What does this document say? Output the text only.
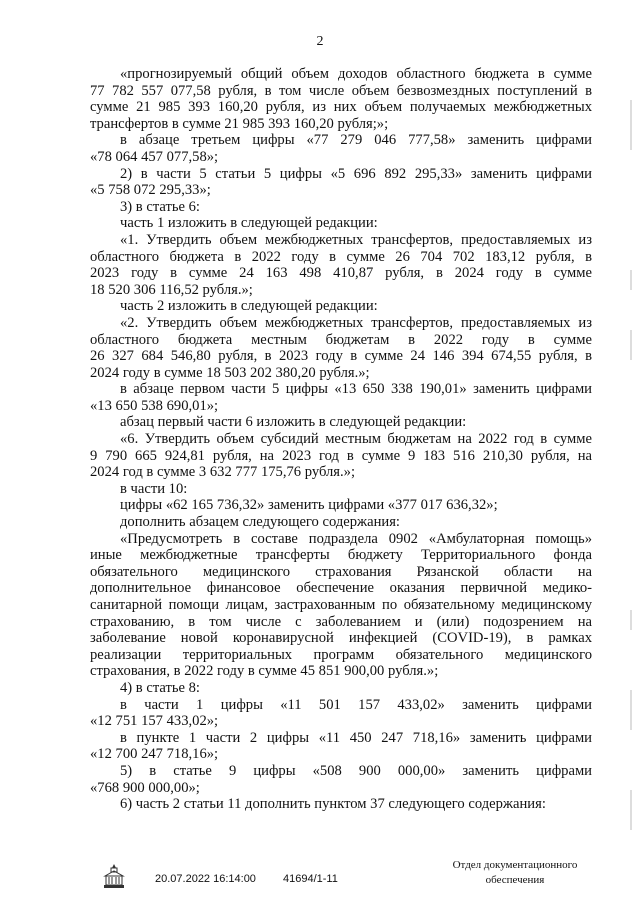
2

«прогнозируемый общий объем доходов областного бюджета в сумме

77 782 557 077,58 рубля, в том числе объем безвозмездных поступлений в

сумме 21 985 393 160,20 рубля, из них объем получаемых межбюджетных

трансфертов в сумме 21 985 393 160,20 рубля;»;

в абзаце третьем цифры «77 279 046 777,58» заменить цифрами

«78 064 457 077,58»;

2) в части 5 статьи 5 цифры «5 696 892 295,33» заменить цифрами

«5 758 072 295,33»;

3) в статье 6:

часть 1 изложить в следующей редакции:

«1. Утвердить объем межбюджетных трансфертов, предоставляемых из

областного бюджета в 2022 году в сумме 26 704 702 183,12 рубля, в

2023 году в сумме 24 163 498 410,87 рубля, в 2024 году в сумме

18 520 306 116,52 рубля.»;

часть 2 изложить в следующей редакции:

«2. Утвердить объем межбюджетных трансфертов, предоставляемых из

областного бюджета местным бюджетам в 2022 году в сумме

26 327 684 546,80 рубля, в 2023 году в сумме 24 146 394 674,55 рубля, в

2024 году в сумме 18 503 202 380,20 рубля.»;

в абзаце первом части 5 цифры «13 650 338 190,01» заменить цифрами

«13 650 538 690,01»;

абзац первый части 6 изложить в следующей редакции:

«6. Утвердить объем субсидий местным бюджетам на 2022 год в сумме

9 790 665 924,81 рубля, на 2023 год в сумме 9 183 516 210,30 рубля, на

2024 год в сумме 3 632 777 175,76 рубля.»;

в части 10:

цифры «62 165 736,32» заменить цифрами «377 017 636,32»;

дополнить абзацем следующего содержания:

«Предусмотреть в составе подраздела 0902 «Амбулаторная помощь»

иные межбюджетные трансферты бюджету Территориального фонда

обязательного медицинского страхования Рязанской области на

дополнительное финансовое обеспечение оказания первичной медико-

санитарной помощи лицам, застрахованным по обязательному медицинскому

страхованию, в том числе с заболеванием и (или) подозрением на

заболевание новой коронавирусной инфекцией (COVID-19), в рамках

реализации территориальных программ обязательного медицинского

страхования, в 2022 году в сумме 45 851 900,00 рубля.»;

4) в статье 8:

в части 1 цифры «11 501 157 433,02» заменить цифрами

«12 751 157 433,02»;

в пункте 1 части 2 цифры «11 450 247 718,16» заменить цифрами

«12 700 247 718,16»;

5) в статье 9 цифры «508 900 000,00» заменить цифрами

«768 900 000,00»;

6) часть 2 статьи 11 дополнить пунктом 37 следующего содержания:

20.07.2022 16:14:00 41694/1-11
Отдел документационного
обеспечения
